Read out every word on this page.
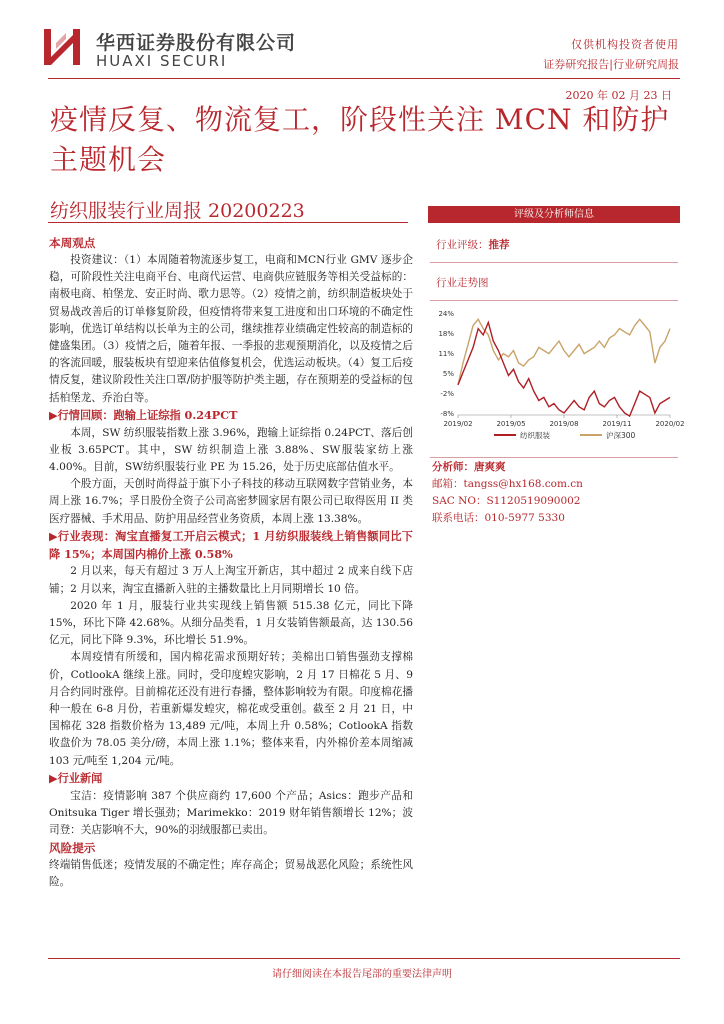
华西证券股份有限公司
HUAXI SECURI
仅供机构投资者使用
证券研究报告|行业研究周报
2020 年 02 月 23 日
疫情反复、物流复工，阶段性关注 MCN 和防护主题机会
纺织服装行业周报 20200223
本周观点

投资建议：（1）本周随着物流逐步复工，电商和MCN行业 GMV 逐步企稳，可阶段性关注电商平台、电商代运营、电商供应链服务等相关受益标的：南极电商、柏堡龙、安正时尚、歌力思等。（2）疫情之前，纺织制造板块处于贸易战改善后的订单修复阶段，但疫情将带来复工进度和出口环境的不确定性影响，优选订单结构以长单为主的公司，继续推荐业绩确定性较高的制造标的健盛集团。（3）疫情之后，随着年报、一季报的悲观预期消化，以及疫情之后的客流回暖，服装板块有望迎来估值修复机会，优选运动板块。（4）复工后疫情反复，建议阶段性关注口罩/防护服等防护类主题，存在预期差的受益标的包括柏堡龙、乔治白等。

▶行情回顾：跑输上证综指 0.24PCT

本周，SW 纺织服装指数上涨 3.96%，跑输上证综指 0.24PCT、落后创业板 3.65PCT。其中，SW 纺织制造上涨 3.88%、SW服装家纺上涨 4.00%。目前，SW纺织服装行业 PE 为 15.26，处于历史底部估值水平。

个股方面，天创时尚得益于旗下小子科技的移动互联网数字营销业务，本周上涨 16.7%；孚日股份全资子公司高密梦圆家居有限公司已取得医用 II 类医疗器械、手术用品、防护用品经营业务资质，本周上涨 13.38%。

▶行业表现：淘宝直播复工开启云模式；1 月纺织服装线上销售额同比下降 15%；本周国内棉价上涨 0.58%

2 月以来，每天有超过 3 万人上淘宝开新店，其中超过 2 成来自线下店铺；2 月以来，淘宝直播新入驻的主播数量比上月同期增长 10 倍。

2020 年 1 月，服装行业共实现线上销售额 515.38 亿元，同比下降 15%，环比下降 42.68%。从细分品类看，1 月女装销售额最高，达 130.56 亿元，同比下降 9.3%，环比增长 51.9%。

本周疫情有所缓和，国内棉花需求预期好转；美棉出口销售强劲支撑棉价，CotlookA 继续上涨。同时，受印度蝗灾影响，2 月 17 日棉花 5 月、9 月合约同时涨停。目前棉花还没有进行春播，整体影响较为有限。印度棉花播种一般在 6-8 月份，若重新爆发蝗灾，棉花或受重创。截至 2 月 21 日，中国棉花 328 指数价格为 13,489 元/吨，本周上升 0.58%；CotlookA 指数收盘价为 78.05 美分/磅，本周上涨 1.1%；整体来看，内外棉价差本周缩减 103 元/吨至 1,204 元/吨。

▶行业新闻

宝洁：疫情影响 387 个供应商约 17,600 个产品；Asics：跑步产品和 Onitsuka Tiger 增长强劲；Marimekko：2019 财年销售额增长 12%；波司登：关店影响不大，90%的羽绒服都已卖出。

风险提示

终端销售低迷；疫情发展的不确定性；库存高企；贸易战恶化风险；系统性风险。

评级及分析师信息
行业评级：推荐
行业走势图
24%
18%
11%
5%
-2%
-8%
2019/02	2019/05	2019/08	2019/11	2020/02
纺织服装	沪深300
分析师：唐爽爽
邮箱：tangss@hx168.com.cn
SAC NO：S1120519090002
联系电话：010-5977 5330
请仔细阅读在本报告尾部的重要法律声明
